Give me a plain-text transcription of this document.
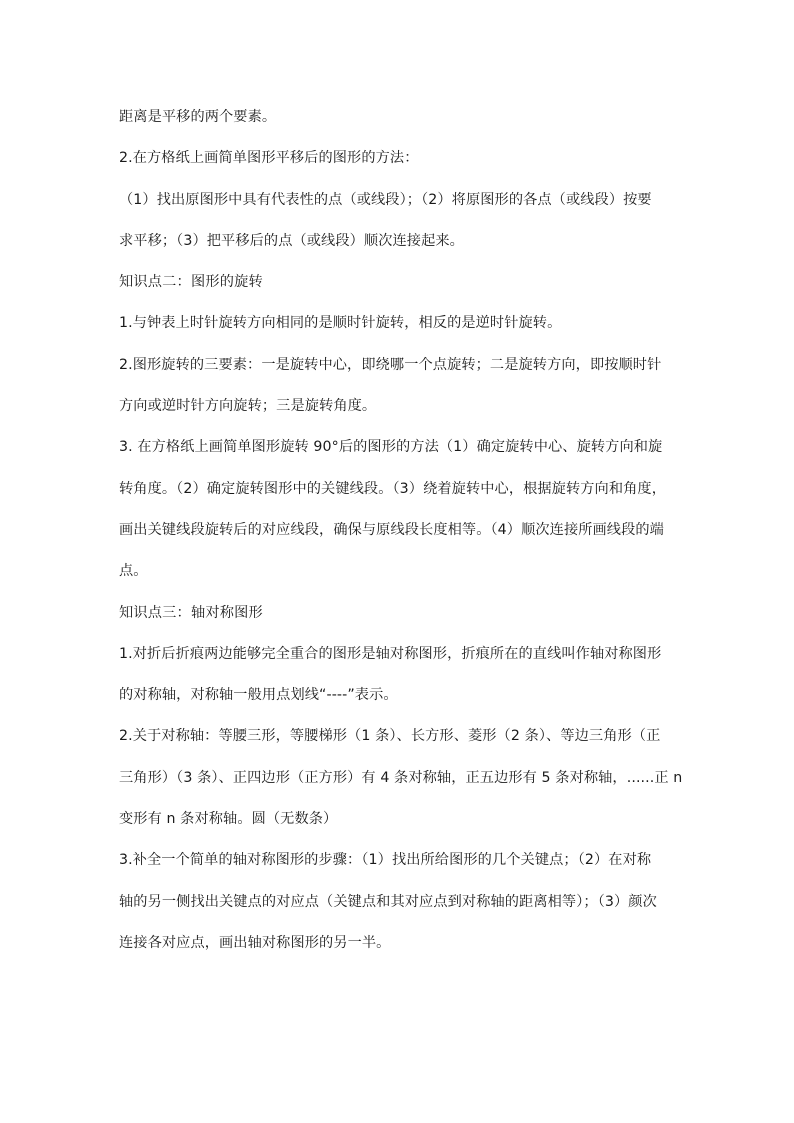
距离是平移的两个要素。
2.在方格纸上画简单图形平移后的图形的方法：
（1）找出原图形中具有代表性的点（或线段）；（2）将原图形的各点（或线段）按要
求平移；（3）把平移后的点（或线段）顺次连接起来。
知识点二：图形的旋转
1.与钟表上时针旋转方向相同的是顺时针旋转，相反的是逆时针旋转。
2.图形旋转的三要素：一是旋转中心，即绕哪一个点旋转；二是旋转方向，即按顺时针
方向或逆时针方向旋转；三是旋转角度。
3. 在方格纸上画简单图形旋转 90°后的图形的方法（1）确定旋转中心、旋转方向和旋
转角度。（2）确定旋转图形中的关键线段。（3）绕着旋转中心，根据旋转方向和角度，
画出关键线段旋转后的对应线段，确保与原线段长度相等。（4）顺次连接所画线段的端
点。
知识点三：轴对称图形
1.对折后折痕两边能够完全重合的图形是轴对称图形，折痕所在的直线叫作轴对称图形
的对称轴，对称轴一般用点划线“----”表示。
2.关于对称轴：等腰三形，等腰梯形（1 条）、长方形、菱形（2 条）、等边三角形（正
三角形）（3 条）、正四边形（正方形）有 4 条对称轴，正五边形有 5 条对称轴，......正 n
变形有 n 条对称轴。圆（无数条）
3.补全一个简单的轴对称图形的步骤：（1）找出所给图形的几个关键点；（2）在对称
轴的另一侧找出关键点的对应点（关键点和其对应点到对称轴的距离相等）；（3）颜次
连接各对应点，画出轴对称图形的另一半。
